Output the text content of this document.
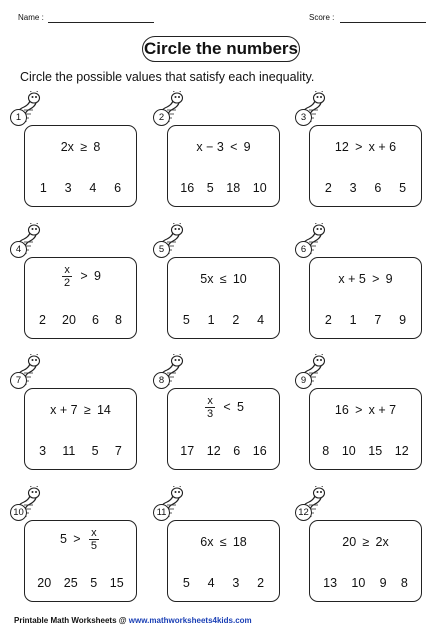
Name :	Score :
Circle the numbers
Circle the possible values that satisfy each inequality.
1
2x  ≥  8
1 3 4 6
2
x − 3  <  9
16 5 18 10
3
12  >  x + 6
2 3 6 5
4
$\frac{x}{2}$
  >  9
2 20 6 8
5
5x  ≤  10
5 1 2 4
6
x + 5  >  9
2 1 7 9
7
x + 7  ≥  14
3 11 5 7
8
$\frac{x}{3}$
  <  5
17 12 6 16
9
16  >  x + 7
8 10 15 12
10
5  >  $\frac{x}{5}$
20 25 5 15
11
6x  ≤  18
5 4 3 2
12
20  ≥  2x
13 10 9 8
Printable Math Worksheets @ www.mathworksheets4kids.com
